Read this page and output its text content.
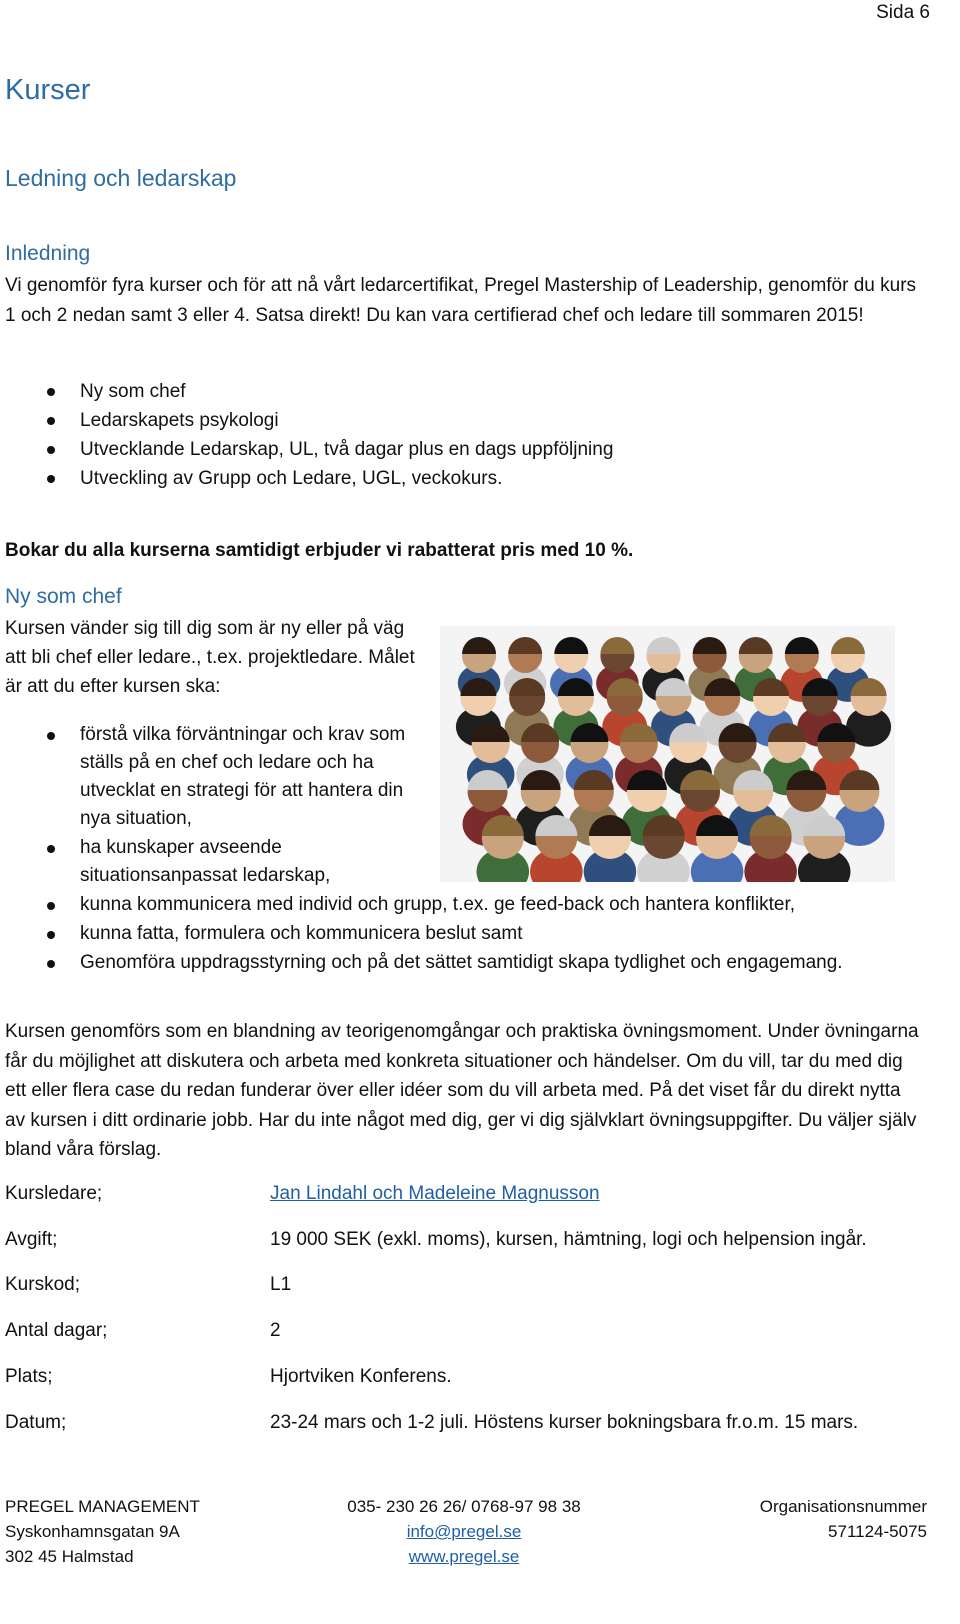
Sida 6
Kurser
Ledning och ledarskap
Inledning
Vi genomför fyra kurser och för att nå vårt ledarcertifikat, Pregel Mastership of Leadership, genomför du kurs 1 och 2 nedan samt 3 eller 4. Satsa direkt! Du kan vara certifierad chef och ledare till sommaren 2015!
Ny som chef
Ledarskapets psykologi
Utvecklande Ledarskap, UL, två dagar plus en dags uppföljning
Utveckling av Grupp och Ledare, UGL, veckokurs.
Bokar du alla kurserna samtidigt erbjuder vi rabatterat pris med 10 %.
Ny som chef
Kursen vänder sig till dig som är ny eller på väg att bli chef eller ledare., t.ex. projektledare. Målet är att du efter kursen ska:
förstå vilka förväntningar och krav som ställs på en chef och ledare och ha utvecklat en strategi för att hantera din nya situation,
ha kunskaper avseende situationsanpassat ledarskap,
kunna kommunicera med individ och grupp, t.ex. ge feed-back och hantera konflikter,
kunna fatta, formulera och kommunicera beslut samt
Genomföra uppdragsstyrning och på det sättet samtidigt skapa tydlighet och engagemang.
Kursen genomförs som en blandning av teorigenomgångar och praktiska övningsmoment. Under övningarna får du möjlighet att diskutera och arbeta med konkreta situationer och händelser. Om du vill, tar du med dig ett eller flera case du redan funderar över eller idéer som du vill arbeta med. På det viset får du direkt nytta av kursen i ditt ordinarie jobb. Har du inte något med dig, ger vi dig självklart övningsuppgifter. Du väljer själv bland våra förslag.
Kursledare;	Jan Lindahl och Madeleine Magnusson
Avgift;	19 000 SEK (exkl. moms), kursen, hämtning, logi och helpension ingår.
Kurskod;	L1
Antal dagar;	2
Plats;	Hjortviken Konferens.
Datum;	23-24 mars och 1-2 juli. Höstens kurser bokningsbara fr.o.m. 15 mars.
PREGEL MANAGEMENT
Syskonhamnsgatan 9A
302 45 Halmstad
035- 230 26 26/ 0768-97 98 38
info@pregel.se
www.pregel.se
Organisationsnummer
571124-5075
